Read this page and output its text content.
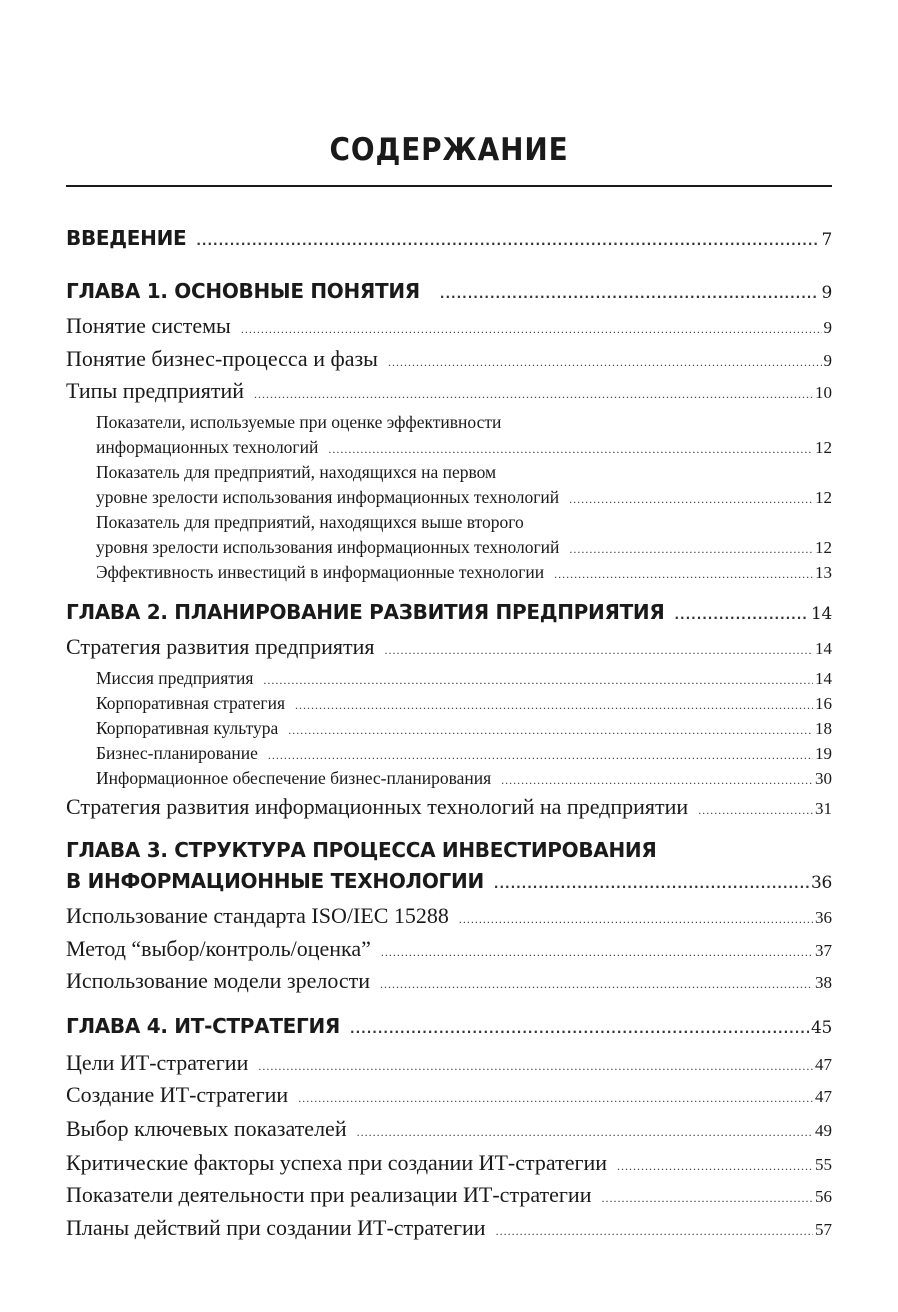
СОДЕРЖАНИЕ
ВВЕДЕНИЕ .....	7
ГЛАВА 1. ОСНОВНЫЕ ПОНЯТИЯ .....	9
Понятие системы .....	9
Понятие бизнес-процесса и фазы .....	9
Типы предприятий .....	10
Показатели, используемые при оценке эффективности
информационных технологий .....	12
Показатель для предприятий, находящихся на первом
уровне зрелости использования информационных технологий .....	12
Показатель для предприятий, находящихся выше второго
уровня зрелости использования информационных технологий .....	12
Эффективность инвестиций в информационные технологии .....	13
ГЛАВА 2. ПЛАНИРОВАНИЕ РАЗВИТИЯ ПРЕДПРИЯТИЯ .....	14
Стратегия развития предприятия .....	14
Миссия предприятия .....	14
Корпоративная стратегия .....	16
Корпоративная культура .....	18
Бизнес-планирование .....	19
Информационное обеспечение бизнес-планирования .....	30
Стратегия развития информационных технологий на предприятии .....	31
ГЛАВА 3. СТРУКТУРА ПРОЦЕССА ИНВЕСТИРОВАНИЯ
В ИНФОРМАЦИОННЫЕ ТЕХНОЛОГИИ .....	36
Использование стандарта ISO/IEC 15288 .....	36
Метод “выбор/контроль/оценка” .....	37
Использование модели зрелости .....	38
ГЛАВА 4. ИТ-СТРАТЕГИЯ .....	45
Цели ИТ-стратегии .....	47
Создание ИТ-стратегии .....	47
Выбор ключевых показателей .....	49
Критические факторы успеха при создании ИТ-стратегии .....	55
Показатели деятельности при реализации ИТ-стратегии .....	56
Планы действий при создании ИТ-стратегии .....	57
